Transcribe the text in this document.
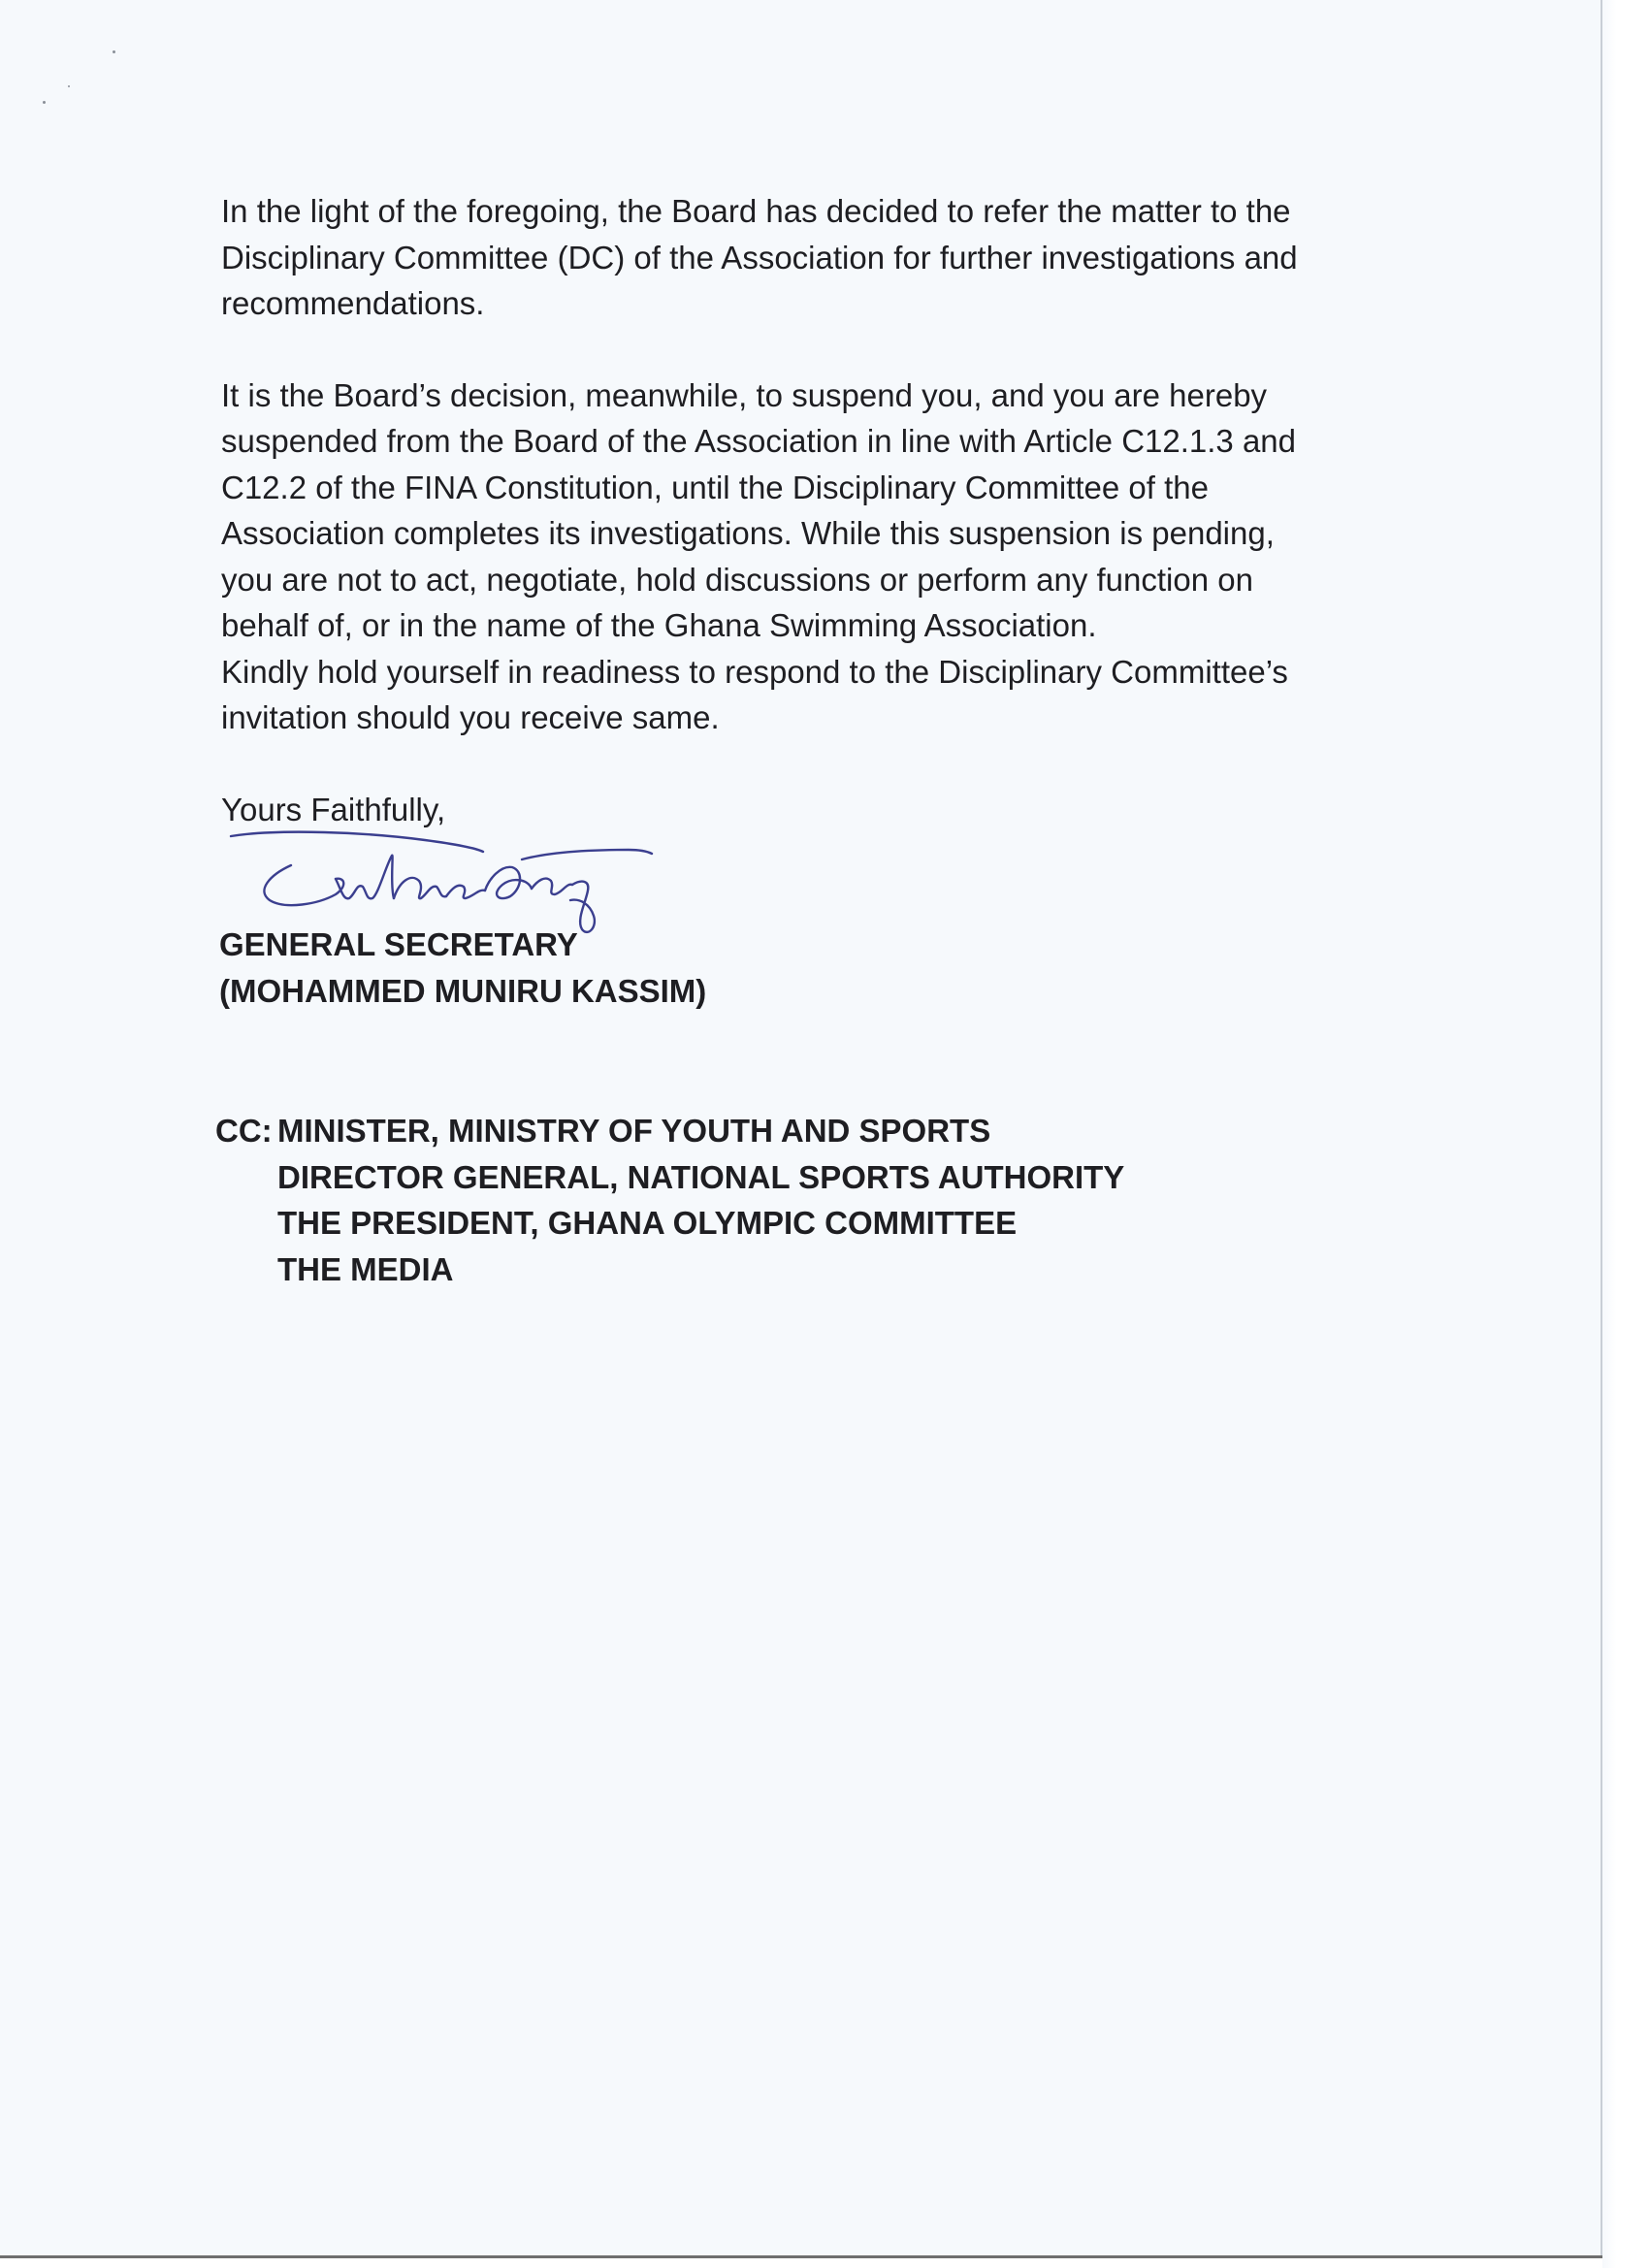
In the light of the foregoing, the Board has decided to refer the matter to the
Disciplinary Committee (DC) of the Association for further investigations and
recommendations.
It is the Board’s decision, meanwhile, to suspend you, and you are hereby
suspended from the Board of the Association in line with Article C12.1.3 and
C12.2 of the FINA Constitution, until the Disciplinary Committee of the
Association completes its investigations. While this suspension is pending,
you are not to act, negotiate, hold discussions or perform any function on
behalf of, or in the name of the Ghana Swimming Association.
Kindly hold yourself in readiness to respond to the Disciplinary Committee’s
invitation should you receive same.
Yours Faithfully,
GENERAL SECRETARY
(MOHAMMED MUNIRU KASSIM)
CC: MINISTER, MINISTRY OF YOUTH AND SPORTS
DIRECTOR GENERAL, NATIONAL SPORTS AUTHORITY
THE PRESIDENT, GHANA OLYMPIC COMMITTEE
THE MEDIA
